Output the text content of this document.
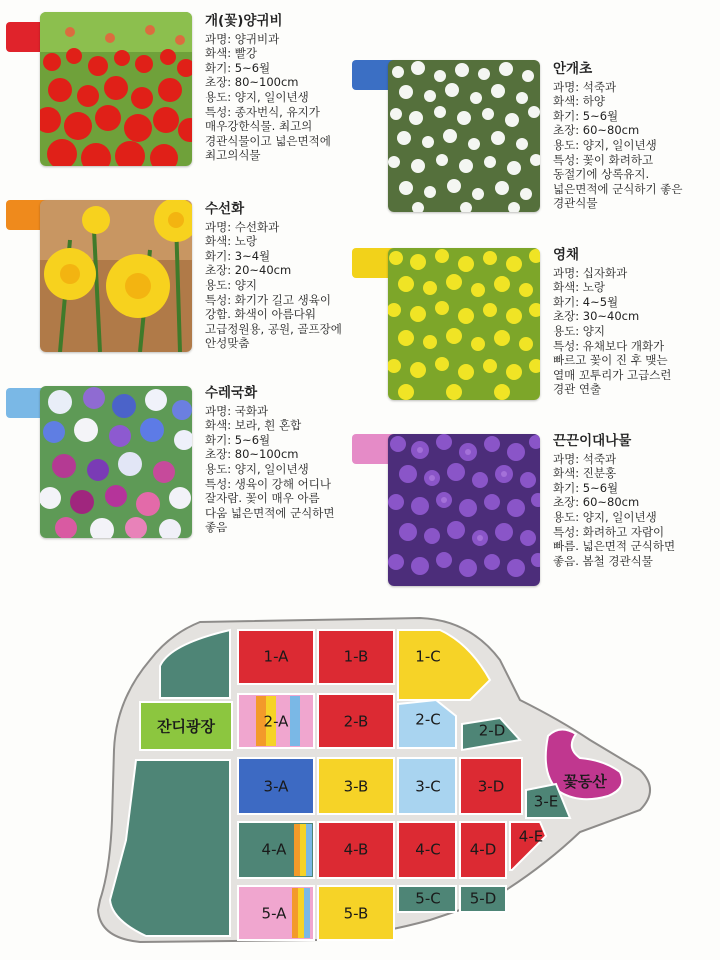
개(꽃)양귀비
과명: 양귀비과
화색: 빨강
화기: 5~6월
초장: 80~100cm
용도: 양지, 일이년생
특성: 종자번식, 유지가
매우강한식물. 최고의
경관식물이고 넓은면적에
최고의식물
안개초
과명: 석죽과
화색: 하양
화기: 5~6월
초장: 60~80cm
용도: 양지, 일이년생
특성: 꽃이 화려하고
동절기에 상록유지.
넓은면적에 군식하기 좋은
경관식물
수선화
과명: 수선화과
화색: 노랑
화기: 3~4월
초장: 20~40cm
용도: 양지
특성: 화기가 길고 생육이
강함. 화색이 아름다워
고급정원용, 공원, 골프장에
안성맞춤
영채
과명: 십자화과
화색: 노랑
화기: 4~5월
초장: 30~40cm
용도: 양지
특성: 유채보다 개화가
빠르고 꽃이 진 후 맺는
열매 꼬투리가 고급스런
경관 연출
수레국화
과명: 국화과
화색: 보라, 흰 혼합
화기: 5~6월
초장: 80~100cm
용도: 양지, 일이년생
특성: 생육이 강해 어디나
잘자람. 꽃이 매우 아름
다움 넓은면적에 군식하면
좋음
끈끈이대나물
과명: 석죽과
화색: 진분홍
화기: 5~6월
초장: 60~80cm
용도: 양지, 일이년생
특성: 화려하고 자람이
빠름. 넓은면적 군식하면
좋음. 봄철 경관식물
잔디광장
꽃동산
1-A	1-B	1-C
2-A	2-B	2-C
2-D
3-A	3-B	3-C 3-D
3-E
4-A	4-B	4-C 4-D
4-E
5-A	5-B
5-C 5-D
